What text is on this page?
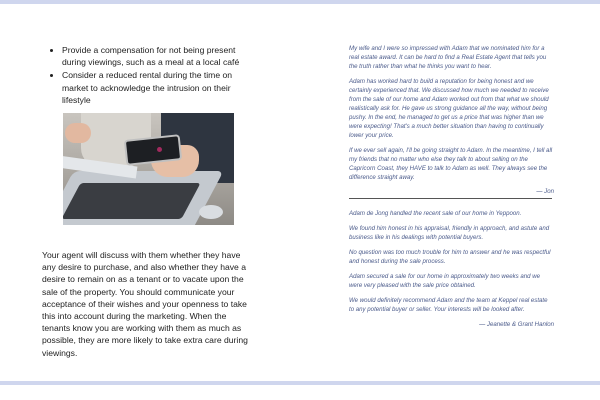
• Provide a compensation for not being present during viewings, such as a meal at a local café
• Consider a reduced rental during the time on market to acknowledge the intrusion on their lifestyle

Your agent will discuss with them whether they have any desire to purchase, and also whether they have a desire to remain on as a tenant or to vacate upon the sale of the property. You should communicate your acceptance of their wishes and your openness to take this into account during the marketing. When the tenants know you are working with them as much as possible, they are more likely to take extra care during viewings.

My wife and I were so impressed with Adam that we nominated him for a real estate award. It can be hard to find a Real Estate Agent that tells you the truth rather than what he thinks you want to hear.

Adam has worked hard to build a reputation for being honest and we certainly experienced that. We discussed how much we needed to receive from the sale of our home and Adam worked out from that what we should realistically ask for. He gave us strong guidance all the way, without being pushy. In the end, he managed to get us a price that was higher than we were expecting! That's a much better situation than having to continually lower your price.

If we ever sell again, I'll be going straight to Adam. In the meantime, I tell all my friends that no matter who else they talk to about selling on the Capricorn Coast, they HAVE to talk to Adam as well. They always see the difference straight away.

— Jon

Adam de Jong handled the recent sale of our home in Yeppoon.

We found him honest in his appraisal, friendly in approach, and astute and business like in his dealings with potential buyers.

No question was too much trouble for him to answer and he was respectful and honest during the sale process.

Adam secured a sale for our home in approximately two weeks and we were very pleased with the sale price obtained.

We would definitely recommend Adam and the team at Keppel real estate to any potential buyer or seller. Your interests will be looked after.

— Jeanette & Grant Hanlon
